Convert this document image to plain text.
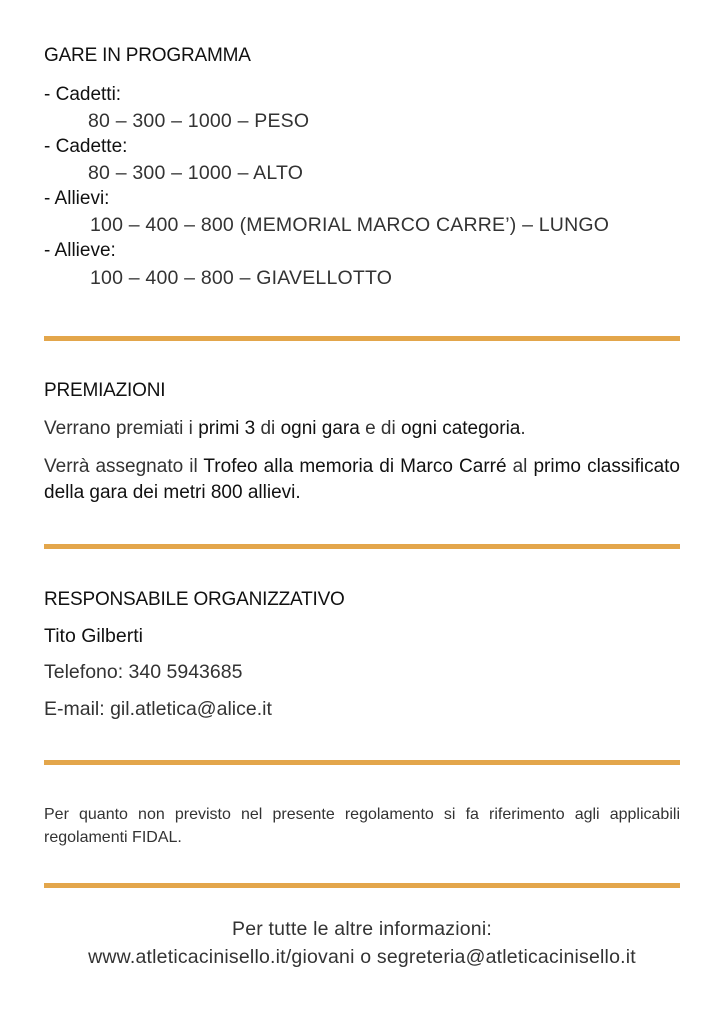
GARE IN PROGRAMMA
- Cadetti:
80 – 300 – 1000 – PESO
- Cadette:
80 – 300 – 1000 – ALTO
- Allievi:
100 – 400 – 800 (MEMORIAL MARCO CARRE’) – LUNGO
- Allieve:
100 – 400 – 800 – GIAVELLOTTO
PREMIAZIONI
Verrano premiati i primi 3 di ogni gara e di ogni categoria.
Verrà assegnato il Trofeo alla memoria di Marco Carré al primo classificato della gara dei metri 800 allievi.
RESPONSABILE ORGANIZZATIVO
Tito Gilberti
Telefono: 340 5943685
E-mail: gil.atletica@alice.it
Per quanto non previsto nel presente regolamento si fa riferimento agli applicabili regolamenti FIDAL.
Per tutte le altre informazioni:
www.atleticacinisello.it/giovani o segreteria@atleticacinisello.it
